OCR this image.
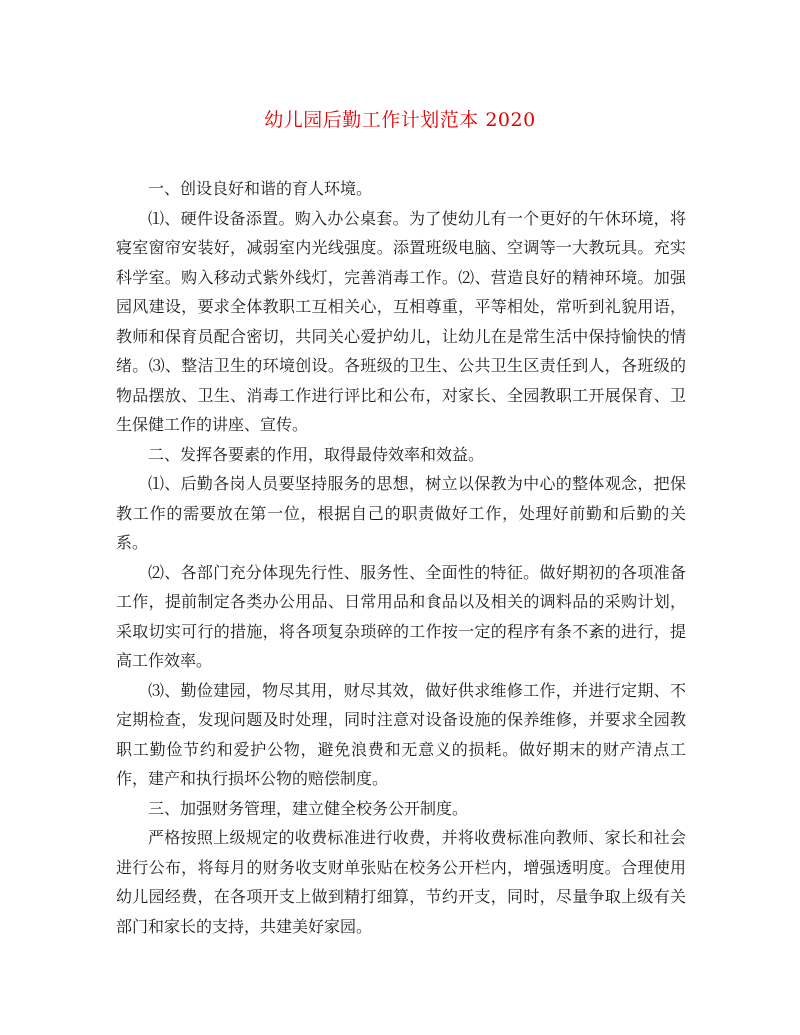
幼儿园后勤工作计划范本 2020

一、创设良好和谐的育人环境。

⑴、硬件设备添置。购入办公桌套。为了使幼儿有一个更好的午休环境，将寝室窗帘安装好，减弱室内光线强度。添置班级电脑、空调等一大教玩具。充实科学室。购入移动式紫外线灯，完善消毒工作。⑵、营造良好的精神环境。加强园风建设，要求全体教职工互相关心，互相尊重，平等相处，常听到礼貌用语，教师和保育员配合密切，共同关心爱护幼儿，让幼儿在是常生活中保持愉快的情绪。⑶、整洁卫生的环境创设。各班级的卫生、公共卫生区责任到人，各班级的物品摆放、卫生、消毒工作进行评比和公布，对家长、全园教职工开展保育、卫生保健工作的讲座、宣传。

二、发挥各要素的作用，取得最侍效率和效益。

⑴、后勤各岗人员要坚持服务的思想，树立以保教为中心的整体观念，把保教工作的需要放在第一位，根据自己的职责做好工作，处理好前勤和后勤的关系。

⑵、各部门充分体现先行性、服务性、全面性的特征。做好期初的各项准备工作，提前制定各类办公用品、日常用品和食品以及相关的调料品的采购计划，采取切实可行的措施，将各项复杂琐碎的工作按一定的程序有条不紊的进行，提高工作效率。

⑶、勤俭建园，物尽其用，财尽其效，做好供求维修工作，并进行定期、不定期检查，发现问题及时处理，同时注意对设备设施的保养维修，并要求全园教职工勤俭节约和爱护公物，避免浪费和无意义的损耗。做好期末的财产清点工作，建产和执行损坏公物的赔偿制度。

三、加强财务管理，建立健全校务公开制度。

严格按照上级规定的收费标准进行收费，并将收费标准向教师、家长和社会进行公布，将每月的财务收支财单张贴在校务公开栏内，增强透明度。合理使用幼儿园经费，在各项开支上做到精打细算，节约开支，同时，尽量争取上级有关部门和家长的支持，共建美好家园。
